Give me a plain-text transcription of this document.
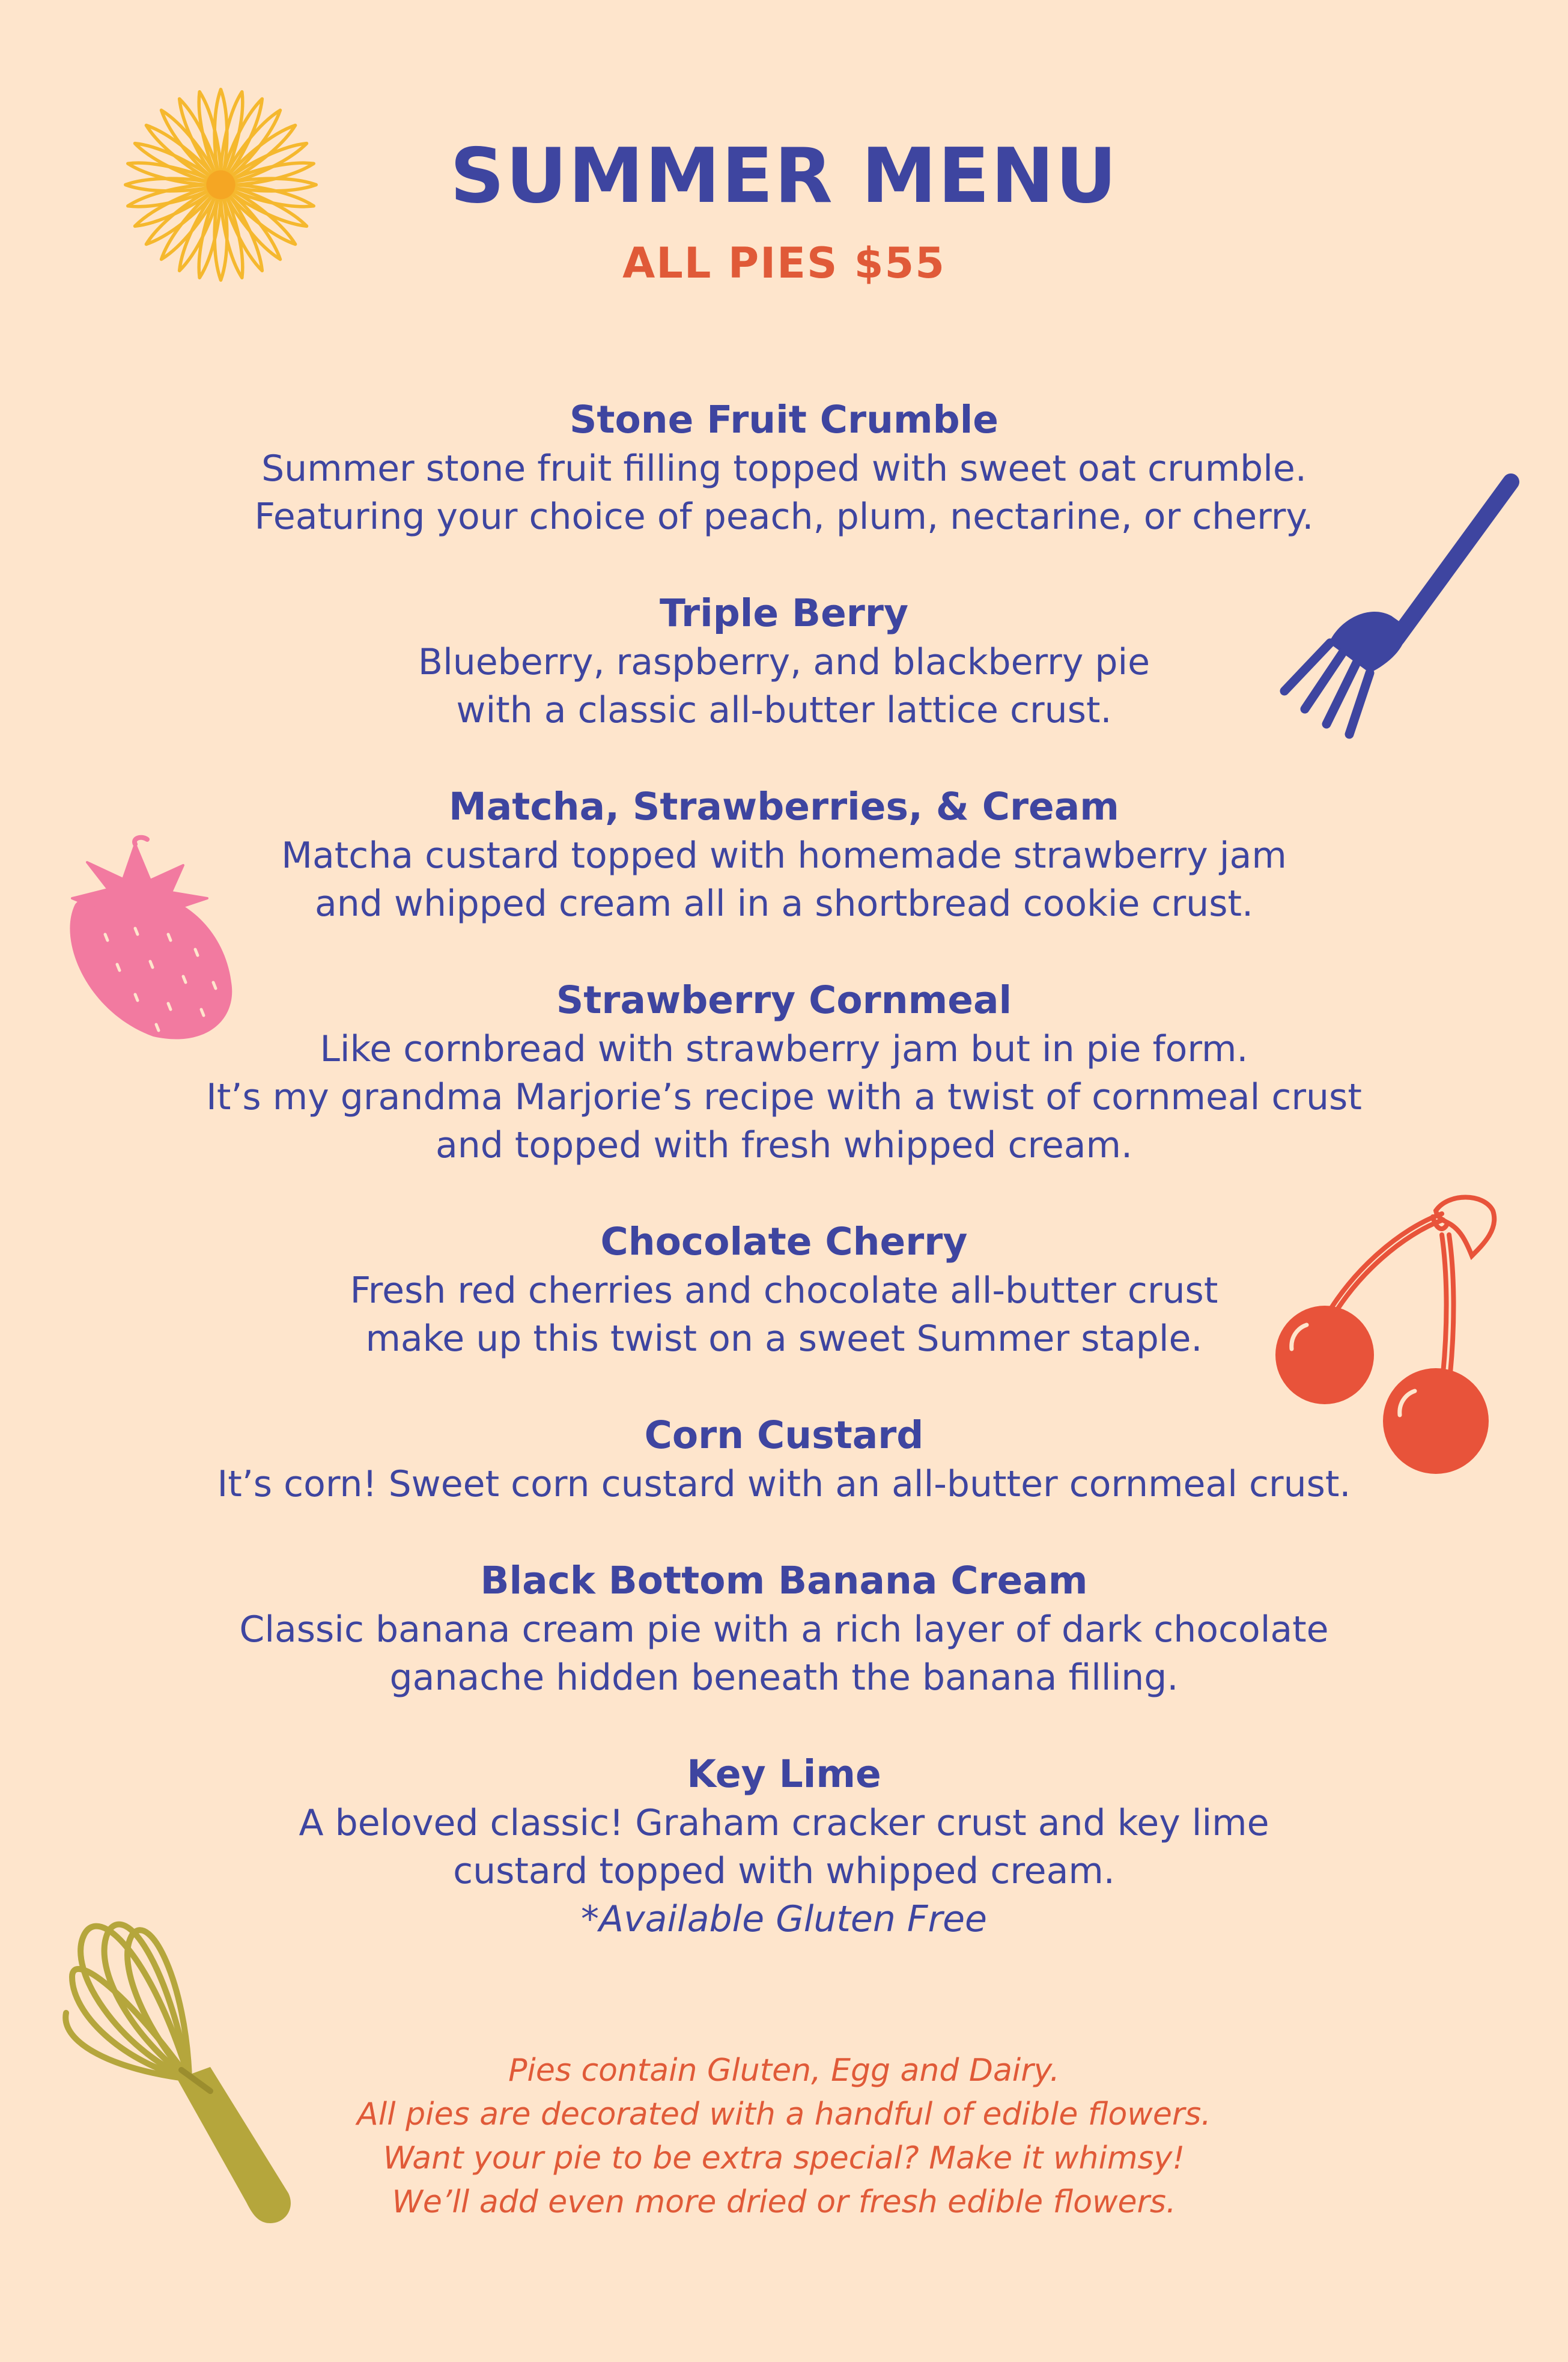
SUMMER MENU
ALL PIES $55
Stone Fruit Crumble
Summer stone fruit filling topped with sweet oat crumble.
Featuring your choice of peach, plum, nectarine, or cherry.
Triple Berry
Blueberry, raspberry, and blackberry pie
with a classic all-butter lattice crust.
Matcha, Strawberries, & Cream
Matcha custard topped with homemade strawberry jam
and whipped cream all in a shortbread cookie crust.
Strawberry Cornmeal
Like cornbread with strawberry jam but in pie form.
It’s my grandma Marjorie’s recipe with a twist of cornmeal crust
and topped with fresh whipped cream.
Chocolate Cherry
Fresh red cherries and chocolate all-butter crust
make up this twist on a sweet Summer staple.
Corn Custard
It’s corn! Sweet corn custard with an all-butter cornmeal crust.
Black Bottom Banana Cream
Classic banana cream pie with a rich layer of dark chocolate
ganache hidden beneath the banana filling.
Key Lime
A beloved classic! Graham cracker crust and key lime
custard topped with whipped cream.
*Available Gluten Free
Pies contain Gluten, Egg and Dairy.
All pies are decorated with a handful of edible flowers.
Want your pie to be extra special? Make it whimsy!
We’ll add even more dried or fresh edible flowers.
